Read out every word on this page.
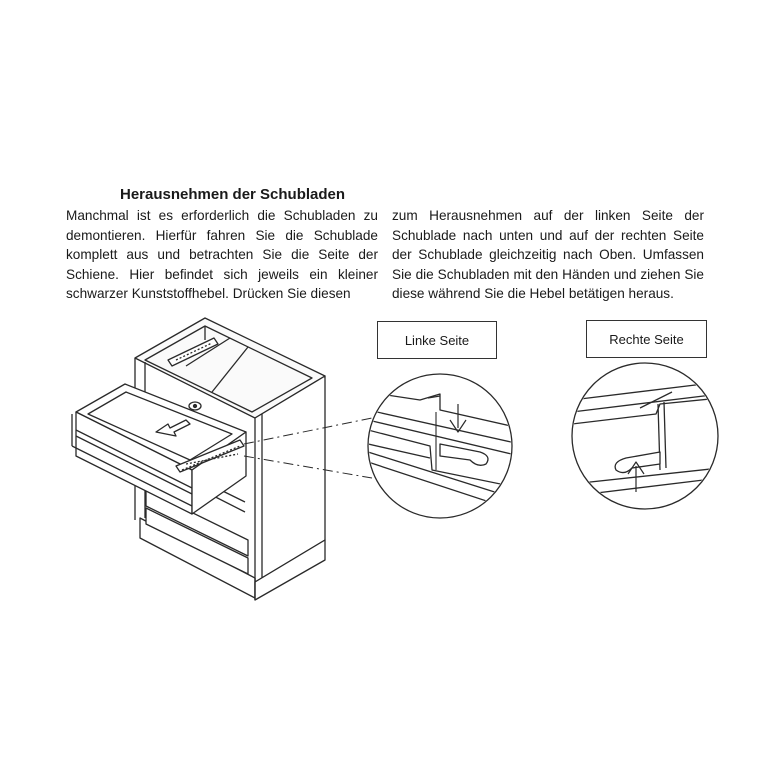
Herausnehmen der Schubladen

Manchmal ist es erforderlich die Schubladen zu demontieren. Hierfür fahren Sie die Schublade komplett aus und betrachten Sie die Seite der Schiene. Hier befindet sich jeweils ein kleiner schwarzer Kunststoffhebel. Drücken Sie diesen

zum Herausnehmen auf der linken Seite der Schublade nach unten und auf der rechten Seite der Schublade gleichzeitig nach Oben. Umfassen Sie die Schubladen mit den Händen und ziehen Sie diese während Sie die Hebel betätigen heraus.

Linke Seite	Rechte Seite
